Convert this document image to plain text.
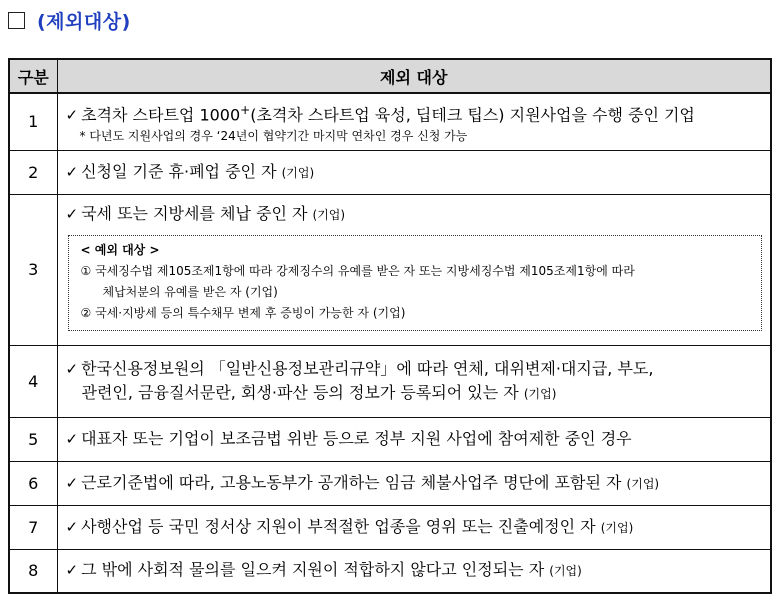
(제외대상)
구분	제외 대상
1	✓ 초격차 스타트업 1000+(초격차 스타트업 육성, 딥테크 팁스) 지원사업을 수행 중인 기업
* 다년도 지원사업의 경우 ‘24년이 협약기간 마지막 연차인 경우 신청 가능

2	✓ 신청일 기준 휴·폐업 중인 자 (기업)
3	✓ 국세 또는 지방세를 체납 중인 자 (기업)
< 예외 대상 >
① 국세징수법 제105조제1항에 따라 강제징수의 유예를 받은 자 또는 지방세징수법 제105조제1항에 따라
체납처분의 유예를 받은 자 (기업)
② 국세·지방세 등의 특수채무 변제 후 증빙이 가능한 자 (기업)

4	✓ 한국신용정보원의 「일반신용정보관리규약」에 따라 연체, 대위변제·대지급, 부도,
관련인, 금융질서문란, 회생·파산 등의 정보가 등록되어 있는 자 (기업)

5	✓ 대표자 또는 기업이 보조금법 위반 등으로 정부 지원 사업에 참여제한 중인 경우
6	✓ 근로기준법에 따라, 고용노동부가 공개하는 임금 체불사업주 명단에 포함된 자 (기업)
7	✓ 사행산업 등 국민 정서상 지원이 부적절한 업종을 영위 또는 진출예정인 자 (기업)
8	✓ 그 밖에 사회적 물의를 일으켜 지원이 적합하지 않다고 인정되는 자 (기업)
